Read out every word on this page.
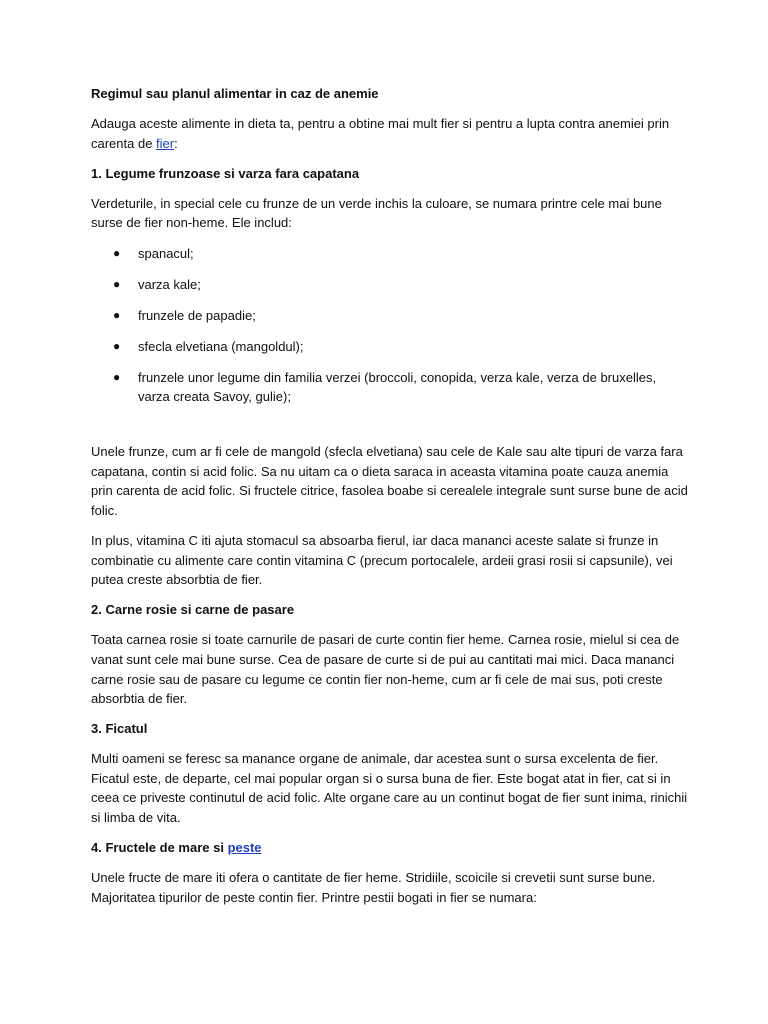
Regimul sau planul alimentar in caz de anemie

Adauga aceste alimente in dieta ta, pentru a obtine mai mult fier si pentru a lupta contra anemiei prin carenta de fier:

1. Legume frunzoase si varza fara capatana

Verdeturile, in special cele cu frunze de un verde inchis la culoare, se numara printre cele mai bune surse de fier non-heme. Ele includ:

● spanacul;
● varza kale;
● frunzele de papadie;
● sfecla elvetiana (mangoldul);
● frunzele unor legume din familia verzei (broccoli, conopida, verza kale, verza de bruxelles, varza creata Savoy, gulie);

Unele frunze, cum ar fi cele de mangold (sfecla elvetiana) sau cele de Kale sau alte tipuri de varza fara capatana, contin si acid folic. Sa nu uitam ca o dieta saraca in aceasta vitamina poate cauza anemia prin carenta de acid folic. Si fructele citrice, fasolea boabe si cerealele integrale sunt surse bune de acid folic.

In plus, vitamina C iti ajuta stomacul sa absoarba fierul, iar daca mananci aceste salate si frunze in combinatie cu alimente care contin vitamina C (precum portocalele, ardeii grasi rosii si capsunile), vei putea creste absorbtia de fier.

2. Carne rosie si carne de pasare

Toata carnea rosie si toate carnurile de pasari de curte contin fier heme. Carnea rosie, mielul si cea de vanat sunt cele mai bune surse. Cea de pasare de curte si de pui au cantitati mai mici. Daca mananci carne rosie sau de pasare cu legume ce contin fier non-heme, cum ar fi cele de mai sus, poti creste absorbtia de fier.

3. Ficatul

Multi oameni se feresc sa manance organe de animale, dar acestea sunt o sursa excelenta de fier. Ficatul este, de departe, cel mai popular organ si o sursa buna de fier. Este bogat atat in fier, cat si in ceea ce priveste continutul de acid folic. Alte organe care au un continut bogat de fier sunt inima, rinichii si limba de vita.

4. Fructele de mare si peste

Unele fructe de mare iti ofera o cantitate de fier heme. Stridiile, scoicile si crevetii sunt surse bune. Majoritatea tipurilor de peste contin fier. Printre pestii bogati in fier se numara:
